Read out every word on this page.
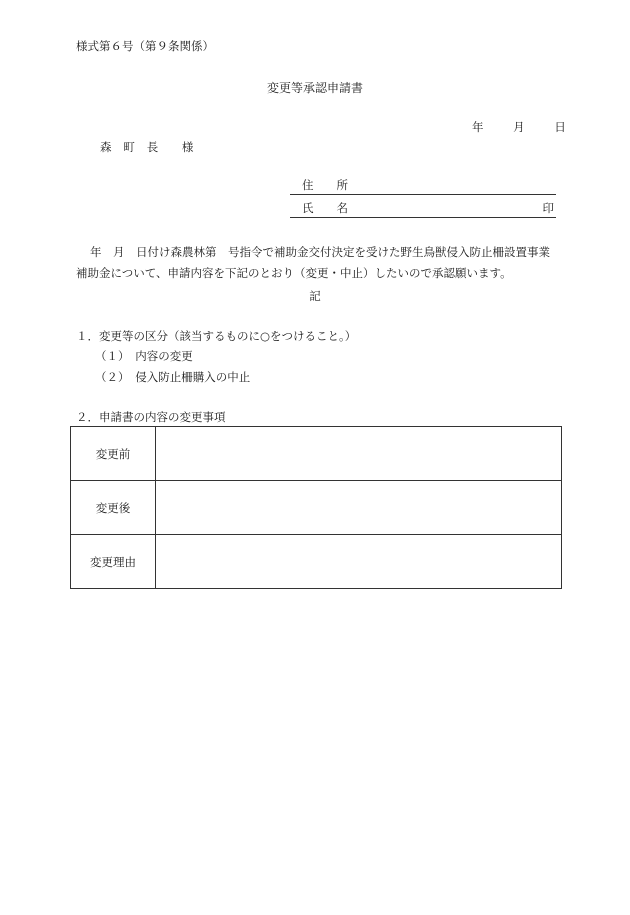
様式第６号（第９条関係）
変更等承認申請書
年	月	日
森　町　長　　様
住　　所
氏　　名	印
年　月　日付け森農林第　号指令で補助金交付決定を受けた野生鳥獣侵入防止柵設置事業補助金について、申請内容を下記のとおり（変更・中止）したいので承認願います。
記
１．変更等の区分（該当するものに○をつけること。）
（１）　内容の変更
（２）　侵入防止柵購入の中止
２．申請書の内容の変更事項
変更前	
変更後	
変更理由	
